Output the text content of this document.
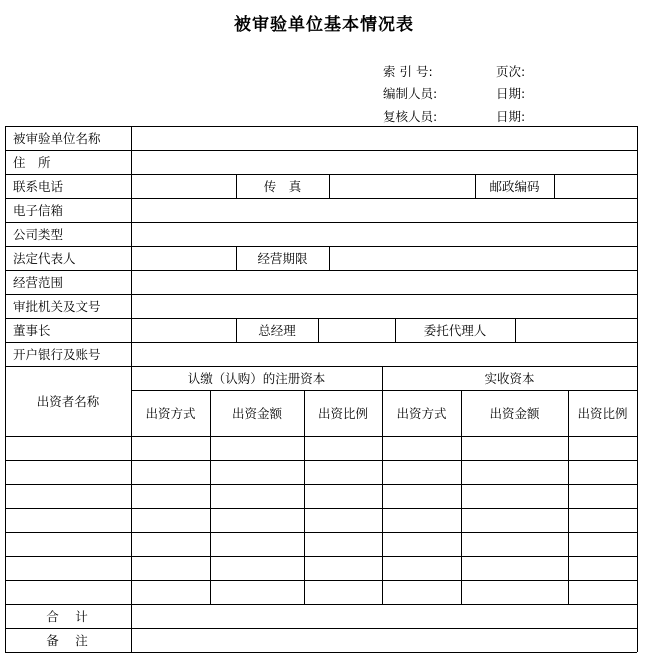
被审验单位基本情况表
索 引 号:	页次:
编制人员:	日期:
复核人员:	日期:
被审验单位名称
住　所
联系电话	传　真	邮政编码
电子信箱
公司类型
法定代表人	经营期限
经营范围
审批机关及文号
董事长	总经理	委托代理人
开户银行及账号
出资者名称
认缴（认购）的注册资本	实收资本
出资方式	出资金额	出资比例	出资方式	出资金额	出资比例
合　计
备　注
